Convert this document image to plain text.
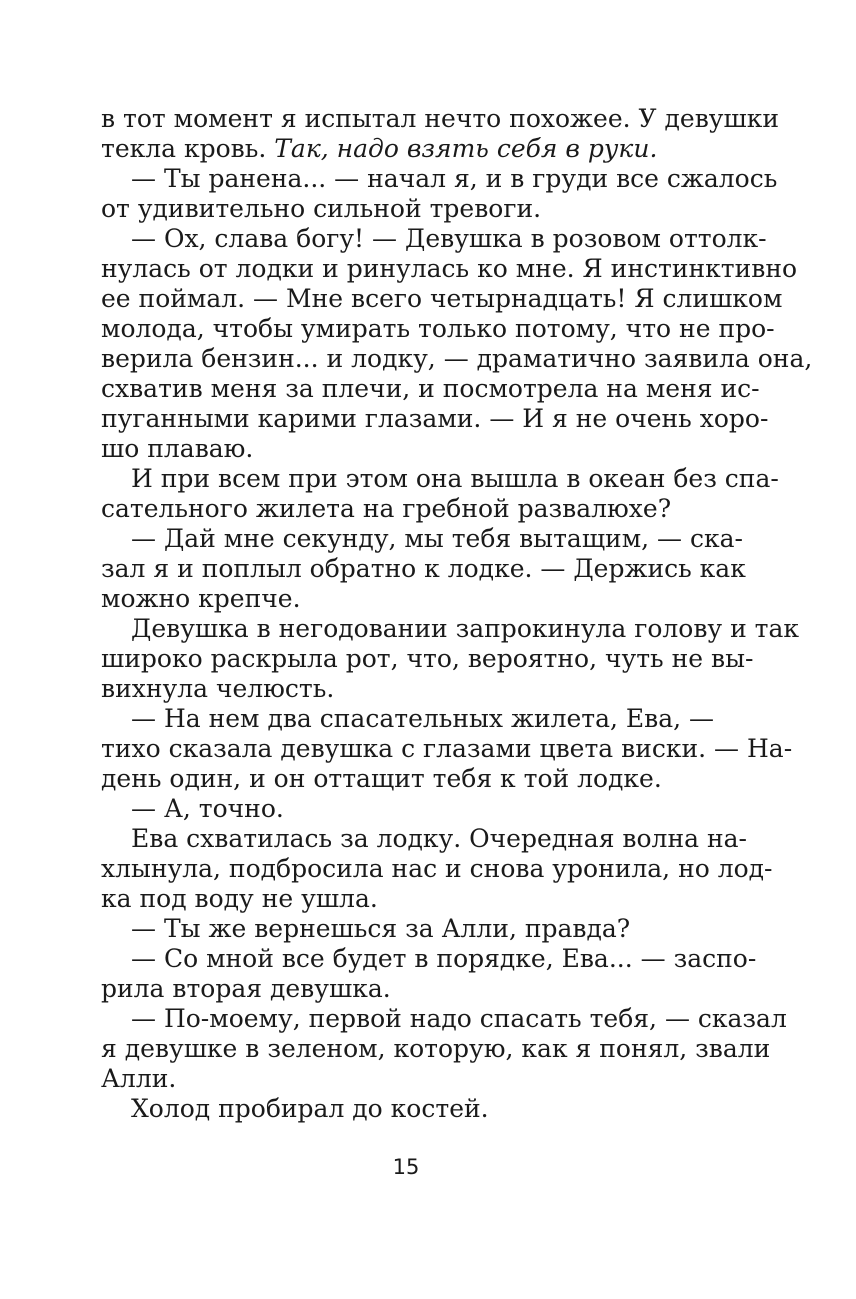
в тот момент я испытал нечто похожее. У девушки
текла кровь. Так, надо взять себя в руки.
— Ты ранена... — начал я, и в груди все сжалось
от удивительно сильной тревоги.
— Ох, слава богу! — Девушка в розовом оттолк-
нулась от лодки и ринулась ко мне. Я инстинктивно
ее поймал. — Мне всего четырнадцать! Я слишком
молода, чтобы умирать только потому, что не про-
верила бензин... и лодку, — драматично заявила она,
схватив меня за плечи, и посмотрела на меня ис-
пуганными карими глазами. — И я не очень хоро-
шо плаваю.
И при всем при этом она вышла в океан без спа-
сательного жилета на гребной развалюхе?
— Дай мне секунду, мы тебя вытащим, — ска-
зал я и поплыл обратно к лодке. — Держись как
можно крепче.
Девушка в негодовании запрокинула голову и так
широко раскрыла рот, что, вероятно, чуть не вы-
вихнула челюсть.
— На нем два спасательных жилета, Ева, —
тихо сказала девушка с глазами цвета виски. — На-
день один, и он оттащит тебя к той лодке.
— А, точно.
Ева схватилась за лодку. Очередная волна на-
хлынула, подбросила нас и снова уронила, но лод-
ка под воду не ушла.
— Ты же вернешься за Алли, правда?
— Со мной все будет в порядке, Ева... — заспо-
рила вторая девушка.
— По-моему, первой надо спасать тебя, — сказал
я девушке в зеленом, которую, как я понял, звали
Алли.
Холод пробирал до костей.
15
